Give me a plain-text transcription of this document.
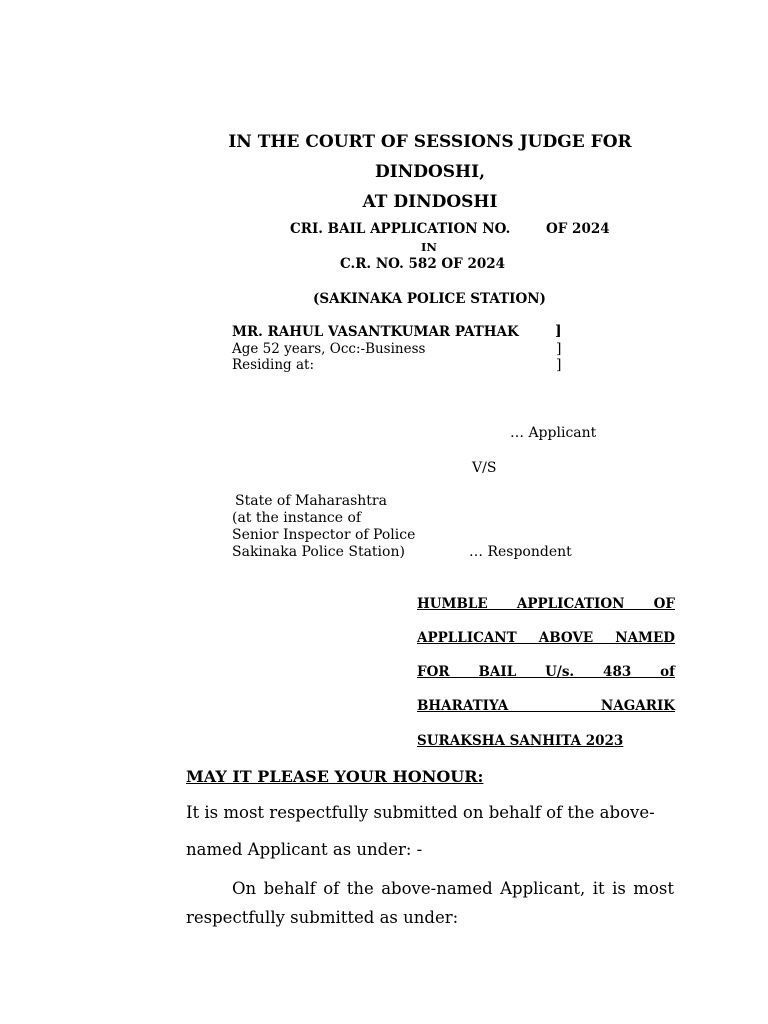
IN THE COURT OF SESSIONS JUDGE FOR
DINDOSHI,
AT DINDOSHI
CRI. BAIL APPLICATION NO.	OF 2024
IN
C.R. NO. 582 OF 2024
(SAKINAKA POLICE STATION)
MR. RAHUL VASANTKUMAR PATHAK	]
Age 52 years, Occ:-Business	]
Residing at:	]
… Applicant
V/S
State of Maharashtra
(at the instance of
Senior Inspector of Police
Sakinaka Police Station)	… Respondent
HUMBLE APPLICATION OF
APPLLICANT ABOVE NAMED
FOR BAIL U/s. 483 of
BHARATIYA NAGARIK
SURAKSHA SANHITA 2023
MAY IT PLEASE YOUR HONOUR:
It is most respectfully submitted on behalf of the above-
named Applicant as under: -
On behalf of the above-named Applicant, it is most
respectfully submitted as under:
